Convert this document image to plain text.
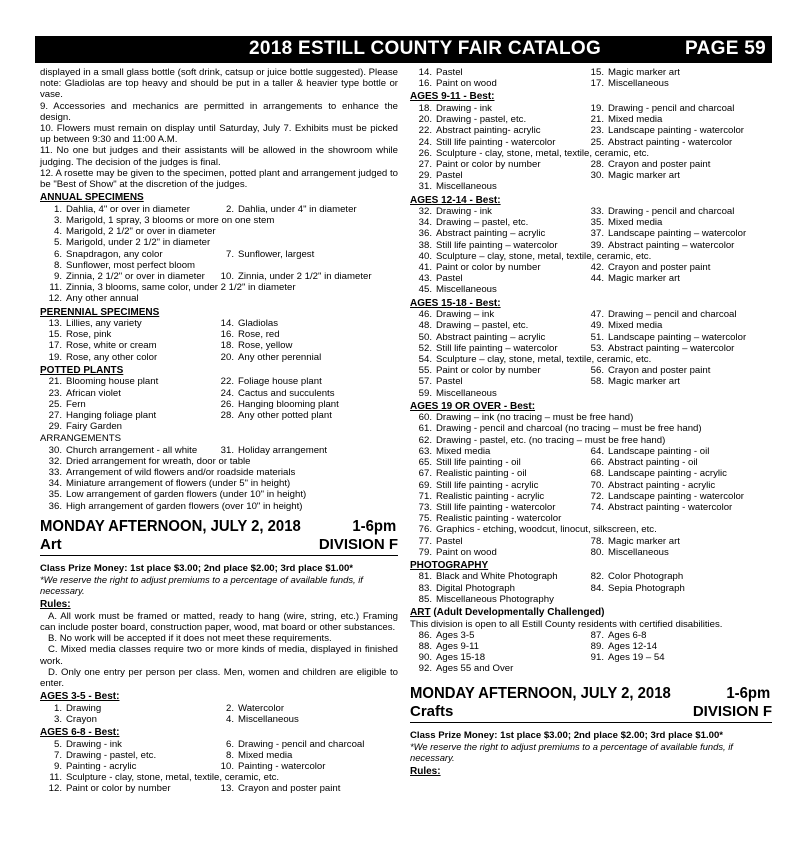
2018 ESTILL COUNTY FAIR CATALOG	PAGE 59

displayed in a small glass bottle (soft drink, catsup or juice bottle suggested). Please note: Gladiolas are top heavy and should be put in a taller & heavier type bottle or vase.

9. Accessories and mechanics are permitted in arrangements to enhance the design.

10. Flowers must remain on display until Saturday, July 7. Exhibits must be picked up between 9:30 and 11:00 A.M.

11. No one but judges and their assistants will be allowed in the showroom while judging. The decision of the judges is final.

12. A rosette may be given to the specimen, potted plant and arrangement judged to be "Best of Show" at the discretion of the judges.

ANNUAL SPECIMENS
1. Dahlia, 4" or over in diameter	2. Dahlia, under 4" in diameter
3. Marigold, 1 spray, 3 blooms or more on one stem
4. Marigold, 2 1/2" or over in diameter
5. Marigold, under 2 1/2" in diameter
6. Snapdragon, any color	7. Sunflower, largest
8. Sunflower, most perfect bloom
9. Zinnia, 2 1/2" or over in diameter	10. Zinnia, under 2 1/2" in diameter
11. Zinnia, 3 blooms, same color, under 2 1/2" in diameter
12. Any other annual
PERENNIAL SPECIMENS
13. Lillies, any variety	14. Gladiolas
15. Rose, pink	16. Rose, red
17. Rose, white or cream	18. Rose, yellow
19. Rose, any other color	20. Any other perennial
POTTED PLANTS
21. Blooming house plant	22. Foliage house plant
23. African violet	24. Cactus and succulents
25. Fern	26. Hanging blooming plant
27. Hanging foliage plant	28. Any other potted plant
29. Fairy Garden
ARRANGEMENTS
30. Church arrangement - all white	31. Holiday arrangement
32. Dried arrangement for wreath, door or table
33. Arrangement of wild flowers and/or roadside materials
34. Miniature arrangement of flowers (under 5" in height)
35. Low arrangement of garden flowers (under 10" in height)
36. High arrangement of garden flowers (over 10" in height)
MONDAY AFTERNOON, JULY 2, 2018	1-6pm
Art	DIVISION F
Class Prize Money: 1st place $3.00; 2nd place $2.00; 3rd place $1.00*
*We reserve the right to adjust premiums to a percentage of available funds, if necessary.
Rules:

A. All work must be framed or matted, ready to hang (wire, string, etc.) Framing can include poster board, construction paper, wood, mat board or other substances.

B. No work will be accepted if it does not meet these requirements.

C. Mixed media classes require two or more kinds of media, displayed in finished work.

D. Only one entry per person per class. Men, women and children are eligible to enter.

AGES 3-5 - Best:
1. Drawing	2. Watercolor
3. Crayon	4. Miscellaneous
AGES 6-8 - Best:
5. Drawing - ink	6. Drawing - pencil and charcoal
7. Drawing - pastel, etc.	8. Mixed media
9. Painting - acrylic	10. Painting - watercolor
11. Sculpture - clay, stone, metal, textile, ceramic, etc.
12. Paint or color by number	13. Crayon and poster paint
14. Pastel	15. Magic marker art
16. Paint on wood	17. Miscellaneous
AGES 9-11 - Best:
18. Drawing - ink	19. Drawing - pencil and charcoal
20. Drawing - pastel, etc.	21. Mixed media
22. Abstract painting- acrylic	23. Landscape painting - watercolor
24. Still life painting - watercolor	25. Abstract painting - watercolor
26. Sculpture - clay, stone, metal, textile, ceramic, etc.
27. Paint or color by number	28. Crayon and poster paint
29. Pastel	30. Magic marker art
31. Miscellaneous
AGES 12-14 - Best:
32. Drawing - ink	33. Drawing - pencil and charcoal
34. Drawing – pastel, etc.	35. Mixed media
36. Abstract painting – acrylic	37. Landscape painting – watercolor
38. Still life painting – watercolor	39. Abstract painting – watercolor
40. Sculpture – clay, stone, metal, textile, ceramic, etc.
41. Paint or color by number	42. Crayon and poster paint
43. Pastel	44. Magic marker art
45. Miscellaneous
AGES 15-18 - Best:
46. Drawing – ink	47. Drawing – pencil and charcoal
48. Drawing – pastel, etc.	49. Mixed media
50. Abstract painting – acrylic	51. Landscape painting – watercolor
52. Still life painting – watercolor	53. Abstract painting – watercolor
54. Sculpture – clay, stone, metal, textile, ceramic, etc.
55. Paint or color by number	56. Crayon and poster paint
57. Pastel	58. Magic marker art
59. Miscellaneous
AGES 19 OR OVER - Best:
60. Drawing – ink (no tracing – must be free hand)
61. Drawing - pencil and charcoal (no tracing – must be free hand)
62. Drawing - pastel, etc. (no tracing – must be free hand)
63. Mixed media	64. Landscape painting - oil
65. Still life painting - oil	66. Abstract painting - oil
67. Realistic painting - oil	68. Landscape painting - acrylic
69. Still life painting - acrylic	70. Abstract painting - acrylic
71. Realistic painting - acrylic	72. Landscape painting - watercolor
73. Still life painting - watercolor	74. Abstract painting - watercolor
75. Realistic painting - watercolor
76. Graphics - etching, woodcut, linocut, silkscreen, etc.
77. Pastel	78. Magic marker art
79. Paint on wood	80. Miscellaneous
PHOTOGRAPHY
81. Black and White Photograph	82. Color Photograph
83. Digital Photograph	84. Sepia Photograph
85. Miscellaneous Photography
ART (Adult Developmentally Challenged)
This division is open to all Estill County residents with certified disabilities.
86. Ages 3-5	87. Ages 6-8
88. Ages 9-11	89. Ages 12-14
90. Ages 15-18	91. Ages 19 – 54
92. Ages 55 and Over
MONDAY AFTERNOON, JULY 2, 2018	1-6pm
Crafts	DIVISION F
Class Prize Money: 1st place $3.00; 2nd place $2.00; 3rd place $1.00*
*We reserve the right to adjust premiums to a percentage of available funds, if necessary.
Rules:
